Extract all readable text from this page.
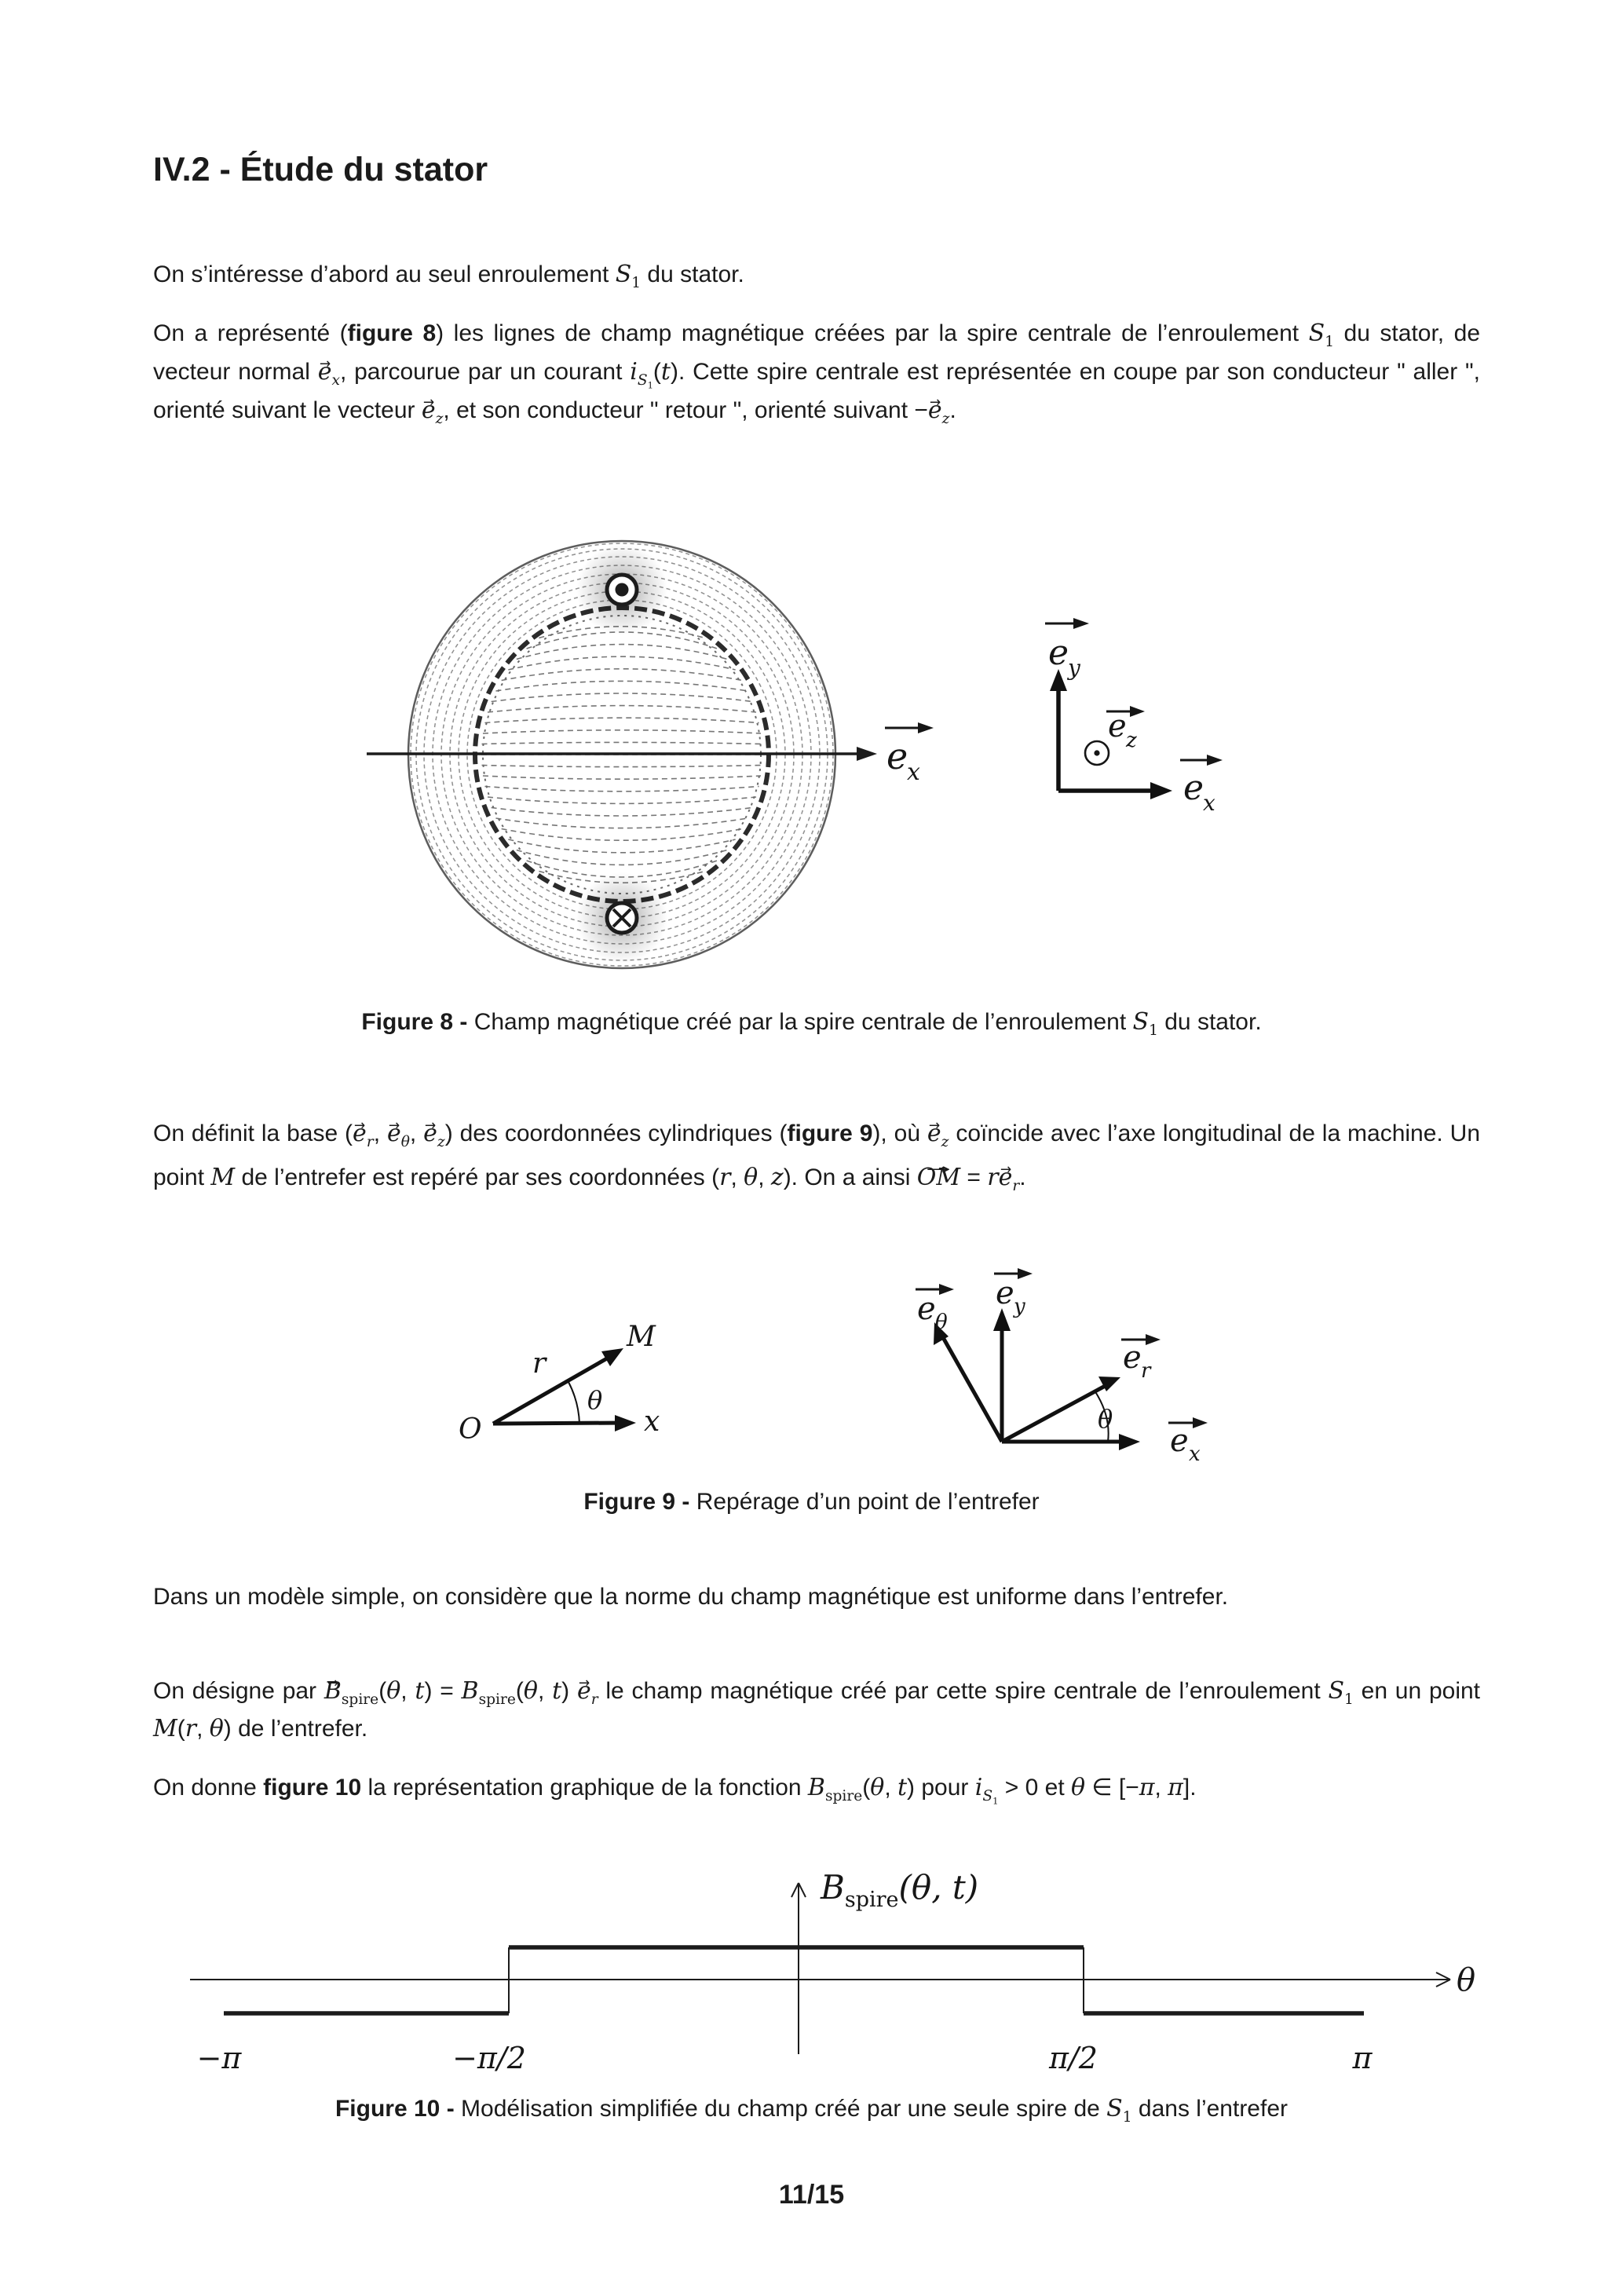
IV.2 - Étude du stator
On s’intéresse d’abord au seul enroulement $S_1$ du stator.
On a représenté (figure 8) les lignes de champ magnétique créées par la spire centrale de l’enroulement $S_1$ du stator, de vecteur normal → $e_x$, parcourue par un courant $i_{S_1}(t)$. Cette spire centrale est représentée en coupe par son conducteur " aller ", orienté suivant le vecteur → $e_z$, et son conducteur " retour ", orienté suivant −→ $e_z$.
e
x
e
y
e z
e
x
Figure 8 - Champ magnétique créé par la spire centrale de l’enroulement $S_1$ du stator.
On définit la base (→ $e_r$, → $e_\theta$, → $e_z$) des coordonnées cylindriques (figure 9), où → $e_z$ coïncide avec l’axe longitudinal de la machine. Un point M de l’entrefer est repéré par ses coordonnées (r, θ, z). On a ainsi → OM = $r\to e_r$.
O	x
M
r
θ
θ
e θ
e y
e r
e x
Figure 9 - Repérage d’un point de l’entrefer
Dans un modèle simple, on considère que la norme du champ magnétique est uniforme dans l’entrefer.
On désigne par → $B_{spire}(\theta$, $t) = B_{spire}(\theta$, $t) \to e_r$ le champ magnétique créé par cette spire centrale de l’enroulement $S_1$ en un point M(r, θ) de l’entrefer.
On donne figure 10 la représentation graphique de la fonction $B_{spire}(\theta$, t) pour $i_{S_1} > 0$ et θ ∈ [−π, π].
θ
$B_{spire}(\theta$, t)
−π	−π/2	π/2	π
Figure 10 - Modélisation simplifiée du champ créé par une seule spire de $S_1$ dans l’entrefer
11/15
